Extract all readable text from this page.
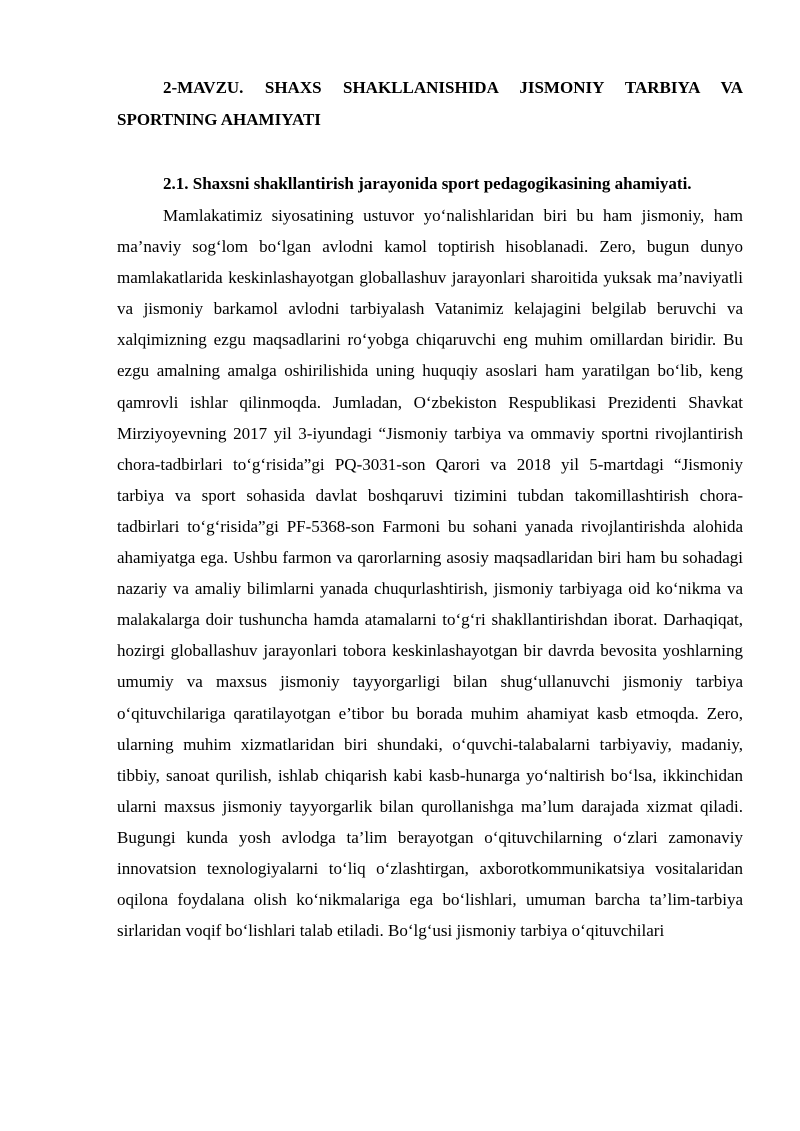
2-MAVZU. SHAXS SHAKLLANISHIDA JISMONIY TARBIYA VA SPORTNING AHAMIYATI
2.1. Shaxsni shakllantirish jarayonida sport pedagogikasining ahamiyati.

Mamlakatimiz siyosatining ustuvor yo‘nalishlaridan biri bu ham jismoniy, ham ma’naviy sog‘lom bo‘lgan avlodni kamol toptirish hisoblanadi. Zero, bugun dunyo mamlakatlarida keskinlashayotgan globallashuv jarayonlari sharoitida yuksak ma’naviyatli va jismoniy barkamol avlodni tarbiyalash Vatanimiz kelajagini belgilab beruvchi va xalqimizning ezgu maqsadlarini ro‘yobga chiqaruvchi eng muhim omillardan biridir. Bu ezgu amalning amalga oshirilishida uning huquqiy asoslari ham yaratilgan bo‘lib, keng qamrovli ishlar qilinmoqda. Jumladan, O‘zbekiston Respublikasi Prezidenti Shavkat Mirziyoyevning 2017 yil 3-iyundagi “Jismoniy tarbiya va ommaviy sportni rivojlantirish chora-tadbirlari to‘g‘risida”gi PQ-3031-son Qarori va 2018 yil 5-martdagi “Jismoniy tarbiya va sport sohasida davlat boshqaruvi tizimini tubdan takomillashtirish chora-tadbirlari to‘g‘risida”gi PF-5368-son Farmoni bu sohani yanada rivojlantirishda alohida ahamiyatga ega. Ushbu farmon va qarorlarning asosiy maqsadlaridan biri ham bu sohadagi nazariy va amaliy bilimlarni yanada chuqurlashtirish, jismoniy tarbiyaga oid ko‘nikma va malakalarga doir tushuncha hamda atamalarni to‘g‘ri shakllantirishdan iborat. Darhaqiqat, hozirgi globallashuv jarayonlari tobora keskinlashayotgan bir davrda bevosita yoshlarning umumiy va maxsus jismoniy tayyorgarligi bilan shug‘ullanuvchi jismoniy tarbiya o‘qituvchilariga qaratilayotgan e’tibor bu borada muhim ahamiyat kasb etmoqda. Zero, ularning muhim xizmatlaridan biri shundaki, o‘quvchi-talabalarni tarbiyaviy, madaniy, tibbiy, sanoat qurilish, ishlab chiqarish kabi kasb-hunarga yo‘naltirish bo‘lsa, ikkinchidan ularni maxsus jismoniy tayyorgarlik bilan qurollanishga ma’lum darajada xizmat qiladi. Bugungi kunda yosh avlodga ta’lim berayotgan o‘qituvchilarning o‘zlari zamonaviy innovatsion texnologiyalarni to‘liq o‘zlashtirgan, axborotkommunikatsiya vositalaridan oqilona foydalana olish ko‘nikmalariga ega bo‘lishlari, umuman barcha ta’lim-tarbiya sirlaridan voqif bo‘lishlari talab etiladi. Bo‘lg‘usi jismoniy tarbiya o‘qituvchilari
